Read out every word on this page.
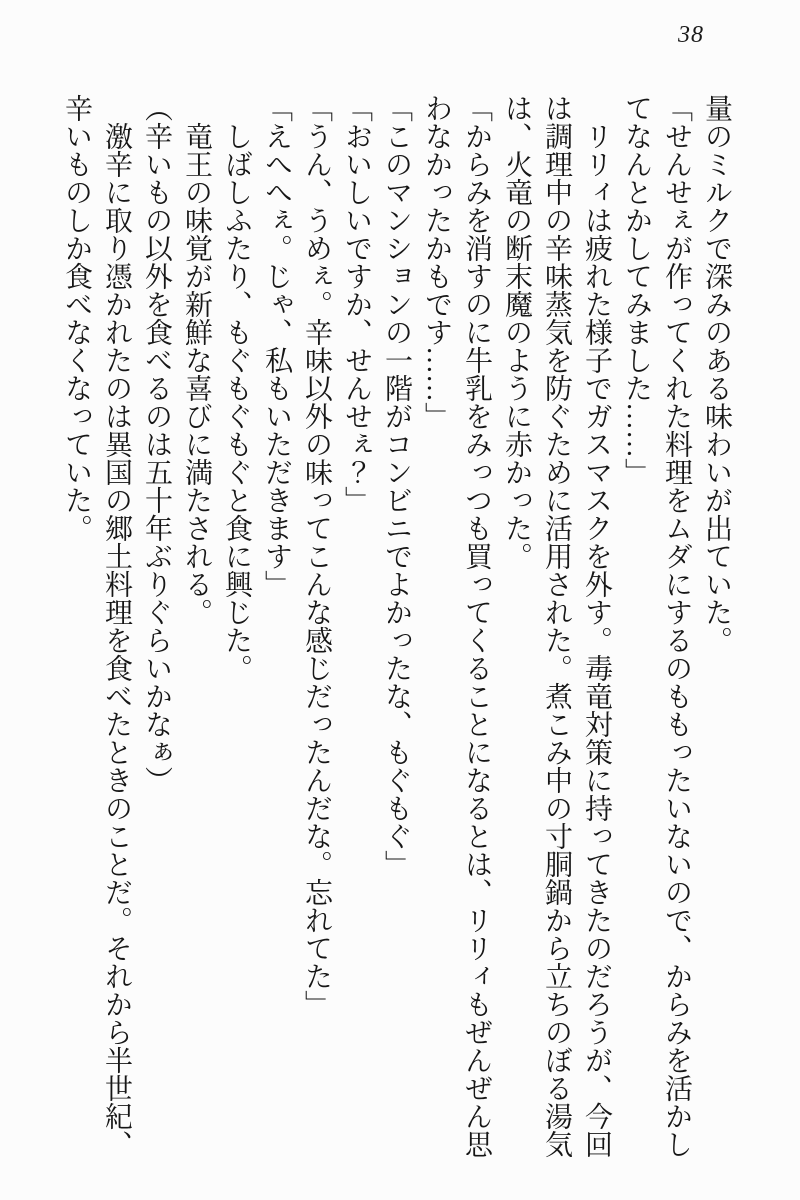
38

量のミルクで深みのある味わいが出ていた。

「せんせぇが作ってくれた料理をムダにするのももったいないので、からみを活かし

てなんとかしてみました……」

　リリィは疲れた様子でガスマスクを外す。毒竜対策に持ってきたのだろうが、今回

は調理中の辛味蒸気を防ぐために活用された。煮こみ中の寸胴鍋から立ちのぼる湯気

は、火竜の断末魔のように赤かった。

「からみを消すのに牛乳をみっつも買ってくることになるとは、リリィもぜんぜん思

わなかったかもです……」

「このマンションの一階がコンビニでよかったな、もぐもぐ」

「おいしいですか、せんせぇ？」

「うん、うめぇ。辛味以外の味ってこんな感じだったんだな。忘れてた」

「えへへぇ。じゃ、私もいただきます」

　しばしふたり、もぐもぐもぐと食に興じた。

　竜王の味覚が新鮮な喜びに満たされる。

（辛いもの以外を食べるのは五十年ぶりぐらいかなぁ）

　激辛に取り憑かれたのは異国の郷土料理を食べたときのことだ。それから半世紀、

辛いものしか食べなくなっていた。
